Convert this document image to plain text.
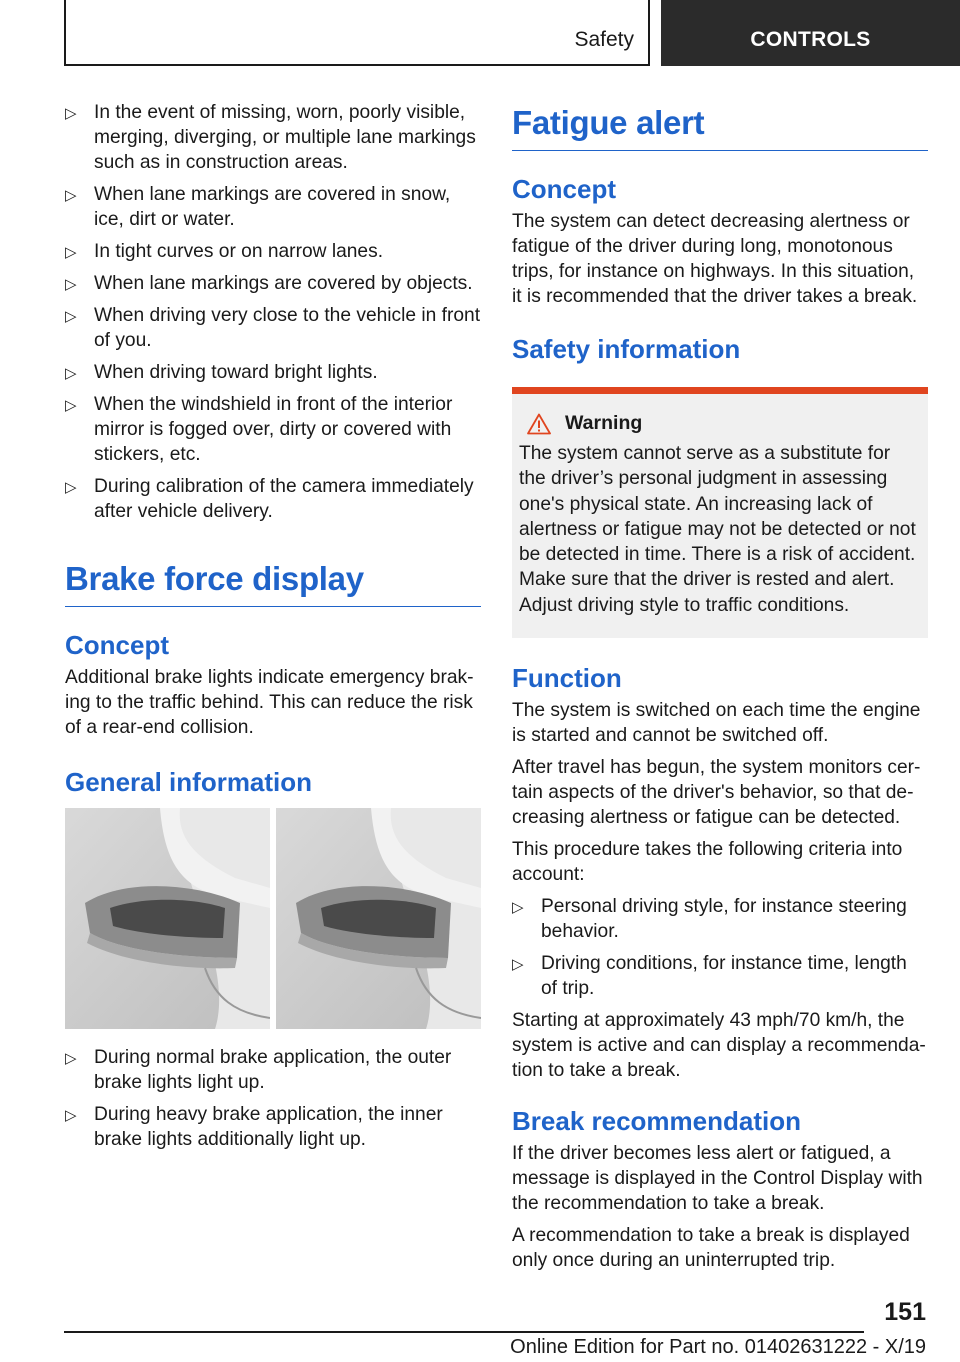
Safety	CONTROLS
▷ In the event of missing, worn, poorly visible, merging, diverging, or multiple lane markings such as in construction areas.
▷ When lane markings are covered in snow, ice, dirt or water.
▷ In tight curves or on narrow lanes.
▷ When lane markings are covered by objects.
▷ When driving very close to the vehicle in front of you.
▷ When driving toward bright lights.
▷ When the windshield in front of the interior mirror is fogged over, dirty or covered with stickers, etc.
▷ During calibration of the camera immediately after vehicle delivery.
Brake force display
Concept

Additional brake lights indicate emergency brak-ing to the traffic behind. This can reduce the risk of a rear-end collision.

General information
▷ During normal brake application, the outer brake lights light up.
▷ During heavy brake application, the inner brake lights additionally light up.
Fatigue alert
Concept

The system can detect decreasing alertness or fatigue of the driver during long, monotonous trips, for instance on highways. In this situation, it is recommended that the driver takes a break.

Safety information
Warning

The system cannot serve as a substitute for the driver’s personal judgment in assessing one's physical state. An increasing lack of alertness or fatigue may not be detected or not be detected in time. There is a risk of accident. Make sure that the driver is rested and alert. Adjust driving style to traffic conditions.

Function

The system is switched on each time the engine is started and cannot be switched off.

After travel has begun, the system monitors cer-tain aspects of the driver's behavior, so that de-creasing alertness or fatigue can be detected.

This procedure takes the following criteria into account:

▷ Personal driving style, for instance steering behavior.
▷ Driving conditions, for instance time, length of trip.

Starting at approximately 43 mph/70 km/h, the system is active and can display a recommenda-tion to take a break.

Break recommendation

If the driver becomes less alert or fatigued, a message is displayed in the Control Display with the recommendation to take a break.

A recommendation to take a break is displayed only once during an uninterrupted trip.

151
Online Edition for Part no. 01402631222 - X/19
